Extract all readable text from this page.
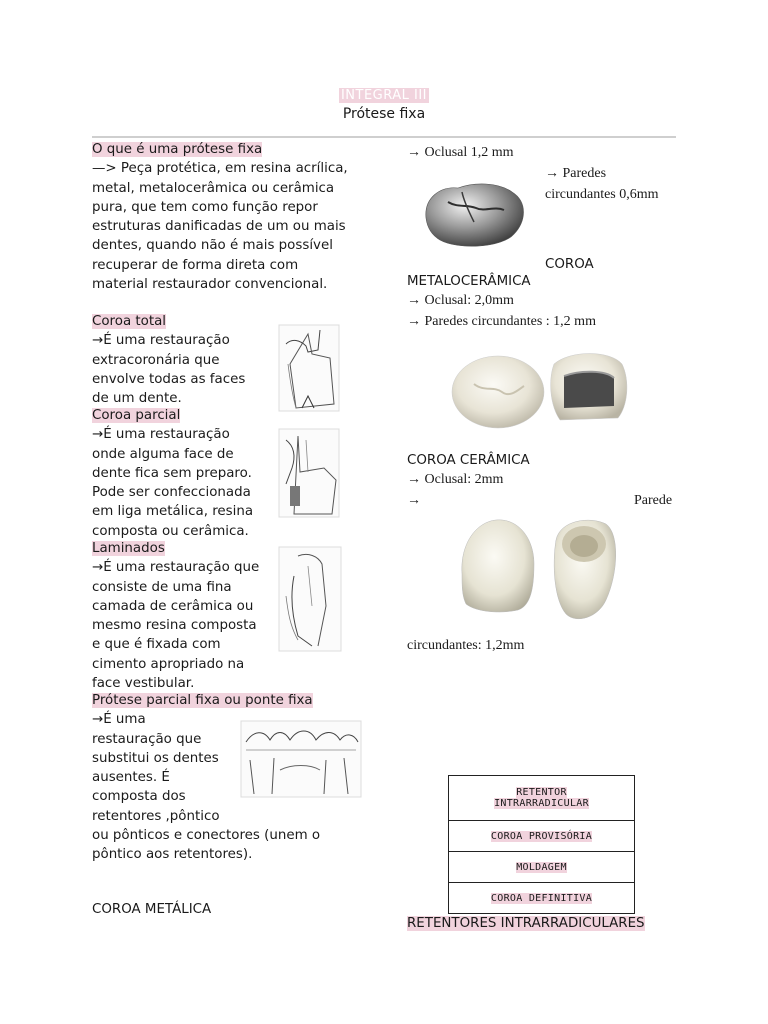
INTEGRAL III
Prótese fixa
O que é uma prótese fixa
—> Peça protética, em resina acrílica,
metal, metalocerâmica ou cerâmica
pura, que tem como função repor
estruturas danificadas de um ou mais
dentes, quando não é mais possível
recuperar de forma direta com
material restaurador convencional.
Coroa total
→É uma restauração
extracoronária que
envolve todas as faces
de um dente.
Coroa parcial
→É uma restauração
onde alguma face de
dente fica sem preparo.
Pode ser confeccionada
em liga metálica, resina
composta ou cerâmica.
Laminados
→É uma restauração que
consiste de uma fina
camada de cerâmica ou
mesmo resina composta
e que é fixada com
cimento apropriado na
face vestibular.
Prótese parcial fixa ou ponte fixa
→É uma
restauração que
substitui os dentes
ausentes. É
composta dos
retentores ,pôntico
ou pônticos e conectores (unem o
pôntico aos retentores).
COROA METÁLICA
→ Oclusal 1,2 mm
→ Paredes
circundantes 0,6mm
COROA
METALOCERÂMICA
→ Oclusal: 2,0mm
→ Paredes circundantes : 1,2 mm
COROA CERÂMICA
→ Oclusal: 2mm
→	Parede
circundantes: 1,2mm
RETENTOR
INTRARRADICULAR
COROA PROVISÓRIA
MOLDAGEM
COROA DEFINITIVA
RETENTORES INTRARRADICULARES
